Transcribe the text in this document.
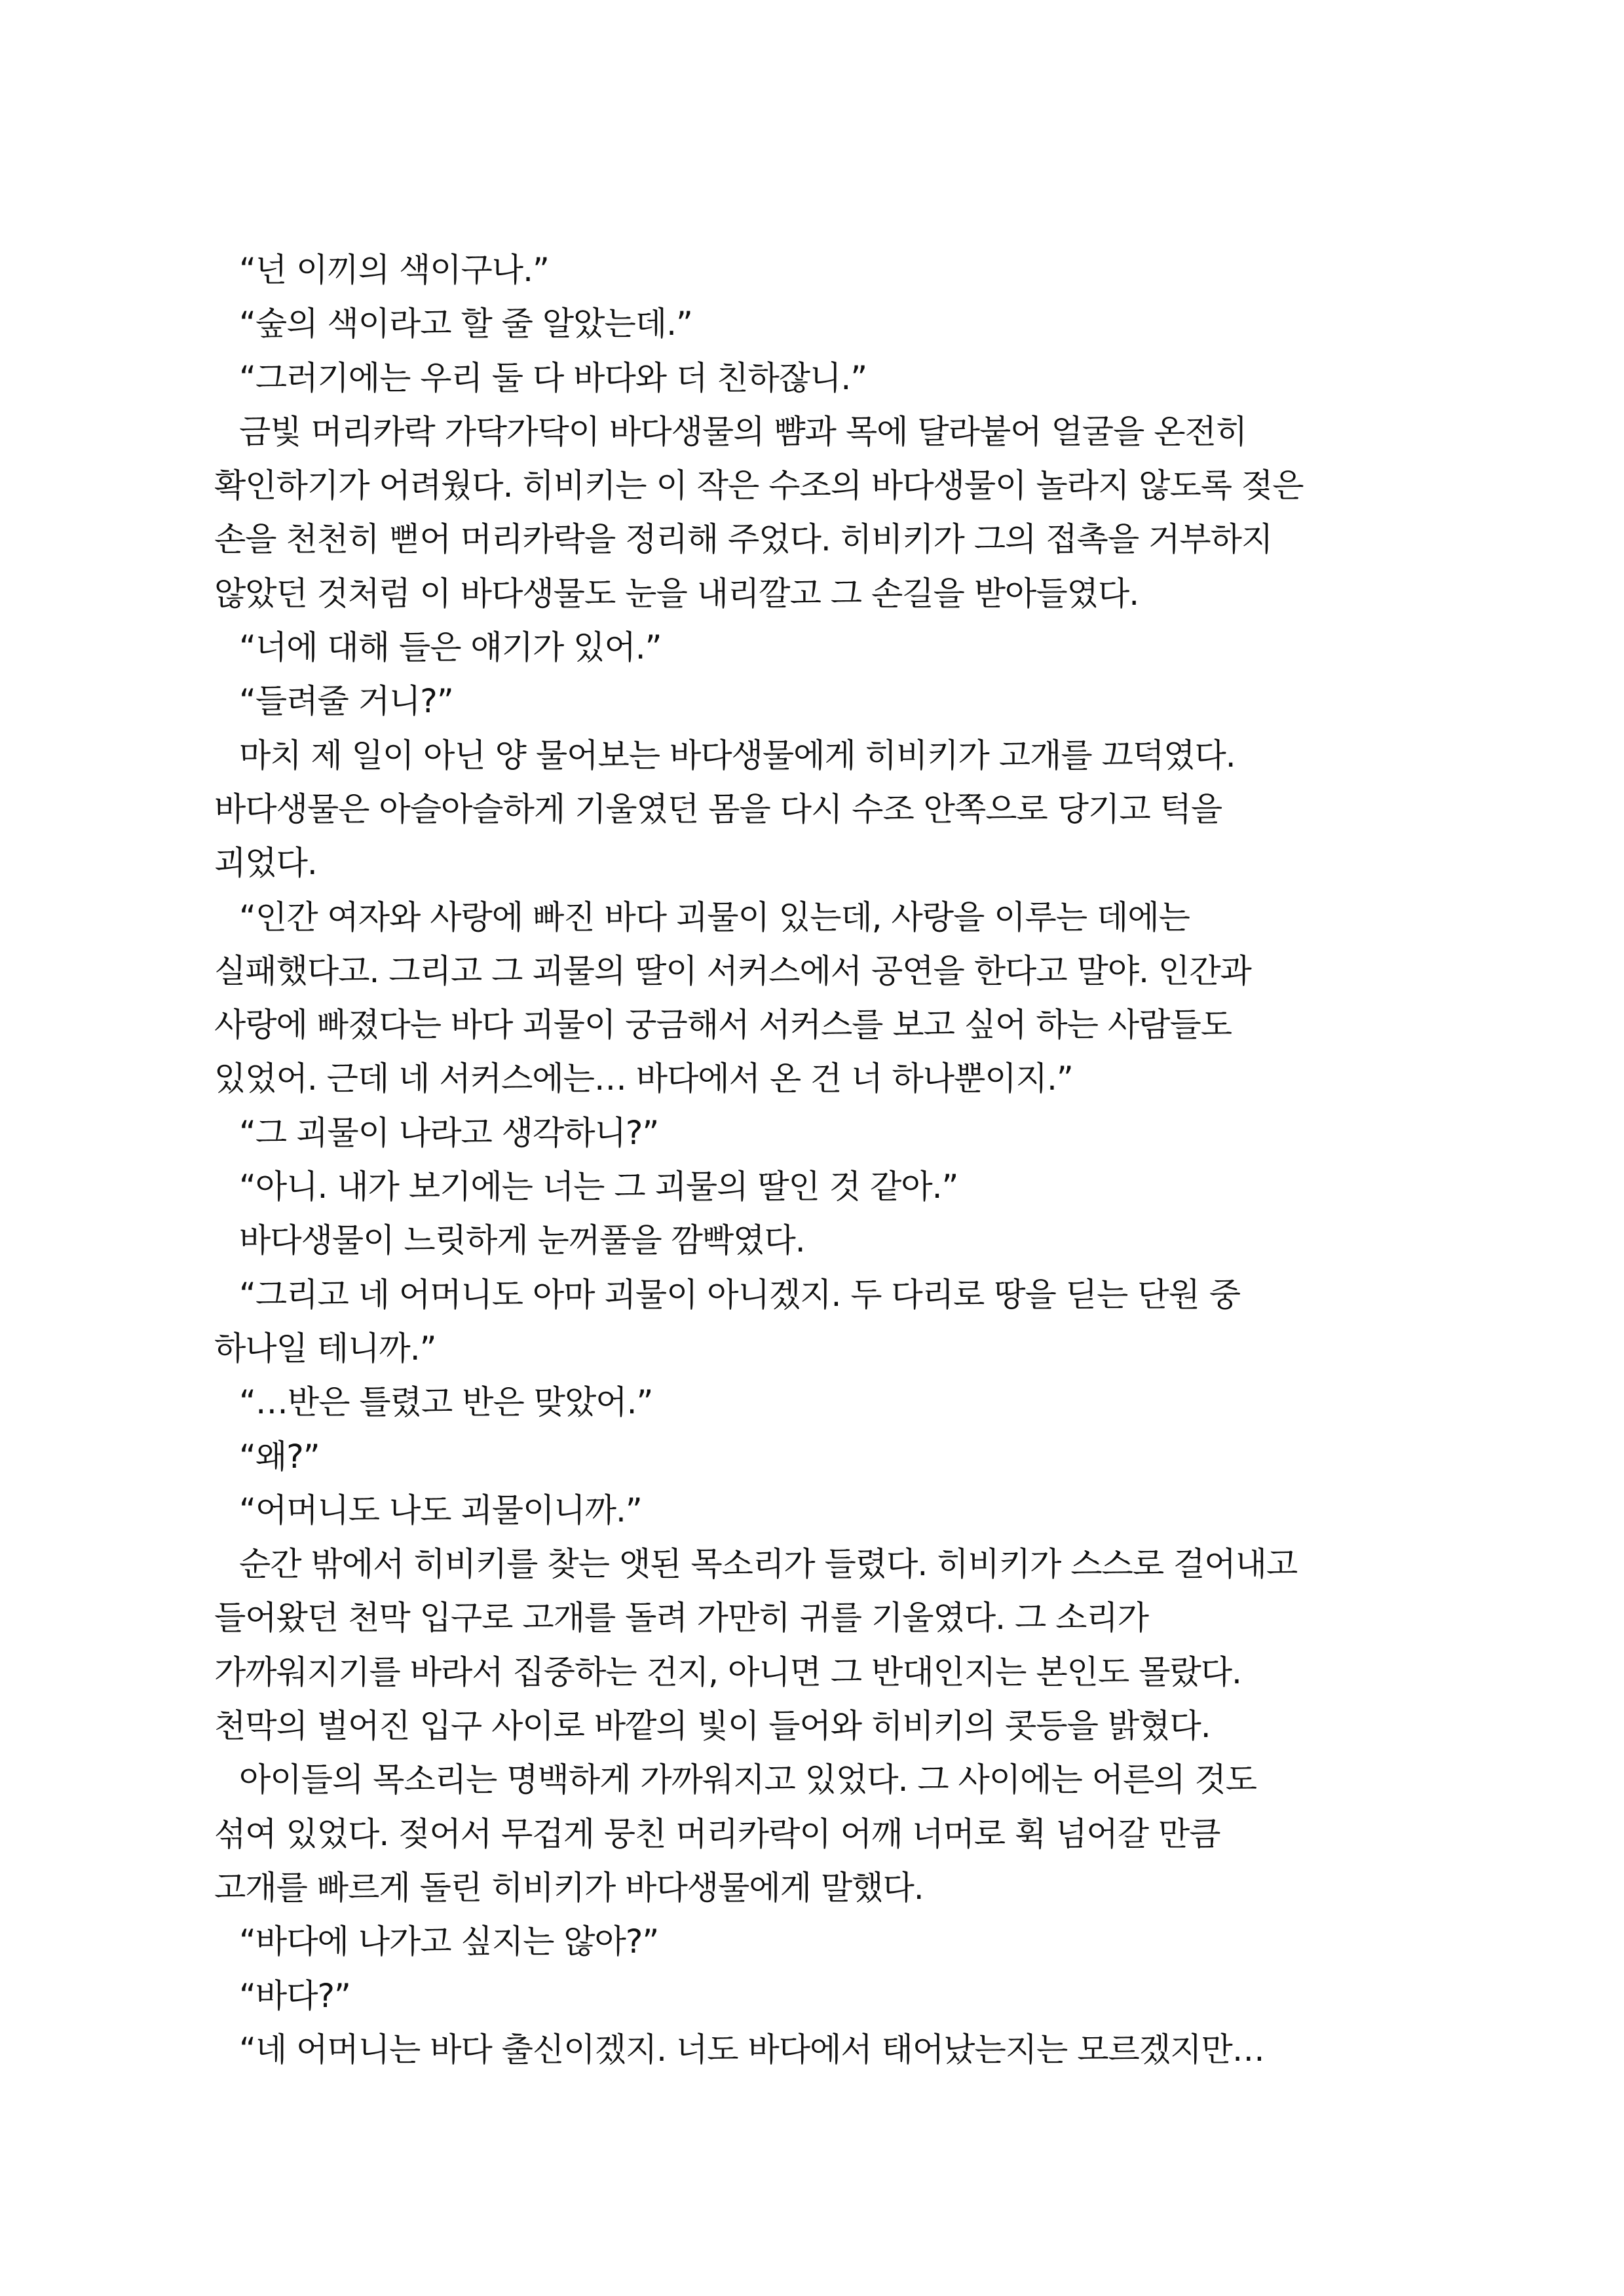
“넌 이끼의 색이구나.”
“숲의 색이라고 할 줄 알았는데.”
“그러기에는 우리 둘 다 바다와 더 친하잖니.”
금빛 머리카락 가닥가닥이 바다생물의 뺨과 목에 달라붙어 얼굴을 온전히
확인하기가 어려웠다. 히비키는 이 작은 수조의 바다생물이 놀라지 않도록 젖은
손을 천천히 뻗어 머리카락을 정리해 주었다. 히비키가 그의 접촉을 거부하지
않았던 것처럼 이 바다생물도 눈을 내리깔고 그 손길을 받아들였다.
“너에 대해 들은 얘기가 있어.”
“들려줄 거니?”
마치 제 일이 아닌 양 물어보는 바다생물에게 히비키가 고개를 끄덕였다.
바다생물은 아슬아슬하게 기울였던 몸을 다시 수조 안쪽으로 당기고 턱을
괴었다.
“인간 여자와 사랑에 빠진 바다 괴물이 있는데, 사랑을 이루는 데에는
실패했다고. 그리고 그 괴물의 딸이 서커스에서 공연을 한다고 말야. 인간과
사랑에 빠졌다는 바다 괴물이 궁금해서 서커스를 보고 싶어 하는 사람들도
있었어. 근데 네 서커스에는… 바다에서 온 건 너 하나뿐이지.”
“그 괴물이 나라고 생각하니?”
“아니. 내가 보기에는 너는 그 괴물의 딸인 것 같아.”
바다생물이 느릿하게 눈꺼풀을 깜빡였다.
“그리고 네 어머니도 아마 괴물이 아니겠지. 두 다리로 땅을 딛는 단원 중
하나일 테니까.”
“…반은 틀렸고 반은 맞았어.”
“왜?”
“어머니도 나도 괴물이니까.”
순간 밖에서 히비키를 찾는 앳된 목소리가 들렸다. 히비키가 스스로 걸어내고
들어왔던 천막 입구로 고개를 돌려 가만히 귀를 기울였다. 그 소리가
가까워지기를 바라서 집중하는 건지, 아니면 그 반대인지는 본인도 몰랐다.
천막의 벌어진 입구 사이로 바깥의 빛이 들어와 히비키의 콧등을 밝혔다.
아이들의 목소리는 명백하게 가까워지고 있었다. 그 사이에는 어른의 것도
섞여 있었다. 젖어서 무겁게 뭉친 머리카락이 어깨 너머로 휙 넘어갈 만큼
고개를 빠르게 돌린 히비키가 바다생물에게 말했다.
“바다에 나가고 싶지는 않아?”
“바다?”
“네 어머니는 바다 출신이겠지. 너도 바다에서 태어났는지는 모르겠지만…
